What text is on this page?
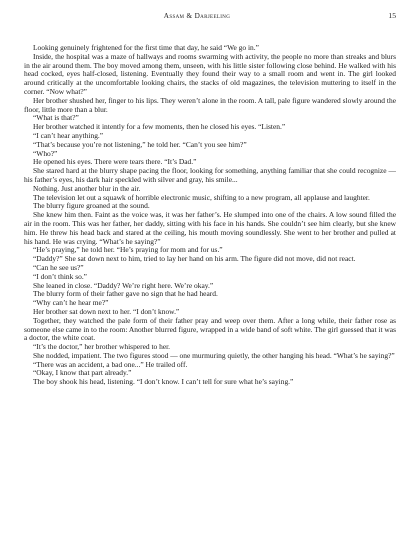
Assam & Darjeeling	15

Looking genuinely frightened for the first time that day, he said “We go in.”

Inside, the hospital was a maze of hallways and rooms swarming with activity, the people no more than streaks and blurs in the air around them. The boy moved among them, unseen, with his little sister following close behind. He walked with his head cocked, eyes half-closed, listening. Eventually they found their way to a small room and went in. The girl looked around critically at the uncomfortable looking chairs, the stacks of old magazines, the television muttering to itself in the corner. “Now what?”

Her brother shushed her, finger to his lips. They weren’t alone in the room. A tall, pale figure wandered slowly around the floor, little more than a blur.

“What is that?”

Her brother watched it intently for a few moments, then he closed his eyes. “Listen.”

“I can’t hear anything.”

“That’s because you’re not listening,” he told her. “Can’t you see him?”

“Who?”

He opened his eyes. There were tears there. “It’s Dad.”

She stared hard at the blurry shape pacing the floor, looking for something, anything familiar that she could recognize — his father’s eyes, his dark hair speckled with silver and gray, his smile...

Nothing. Just another blur in the air.

The television let out a squawk of horrible electronic music, shifting to a new program, all applause and laughter.

The blurry figure groaned at the sound.

She knew him then. Faint as the voice was, it was her father’s. He slumped into one of the chairs. A low sound filled the air in the room. This was her father, her daddy, sitting with his face in his hands. She couldn’t see him clearly, but she knew him. He threw his head back and stared at the ceiling, his mouth moving soundlessly. She went to her brother and pulled at his hand. He was crying. “What’s he saying?”

“He’s praying,” he told her. “He’s praying for mom and for us.”

“Daddy?” She sat down next to him, tried to lay her hand on his arm. The figure did not move, did not react.

“Can he see us?”

“I don’t think so.”

She leaned in close. “Daddy? We’re right here. We’re okay.”

The blurry form of their father gave no sign that he had heard.

“Why can’t he hear me?”

Her brother sat down next to her. “I don’t know.”

Together, they watched the pale form of their father pray and weep over them. After a long while, their father rose as someone else came in to the room: Another blurred figure, wrapped in a wide band of soft white. The girl guessed that it was a doctor, the white coat.

“It’s the doctor,” her brother whispered to her.

She nodded, impatient. The two figures stood — one murmuring quietly, the other hanging his head. “What’s he saying?”

“There was an accident, a bad one...” He trailed off.

“Okay, I know that part already.”

The boy shook his head, listening. “I don’t know. I can’t tell for sure what he’s saying.”
